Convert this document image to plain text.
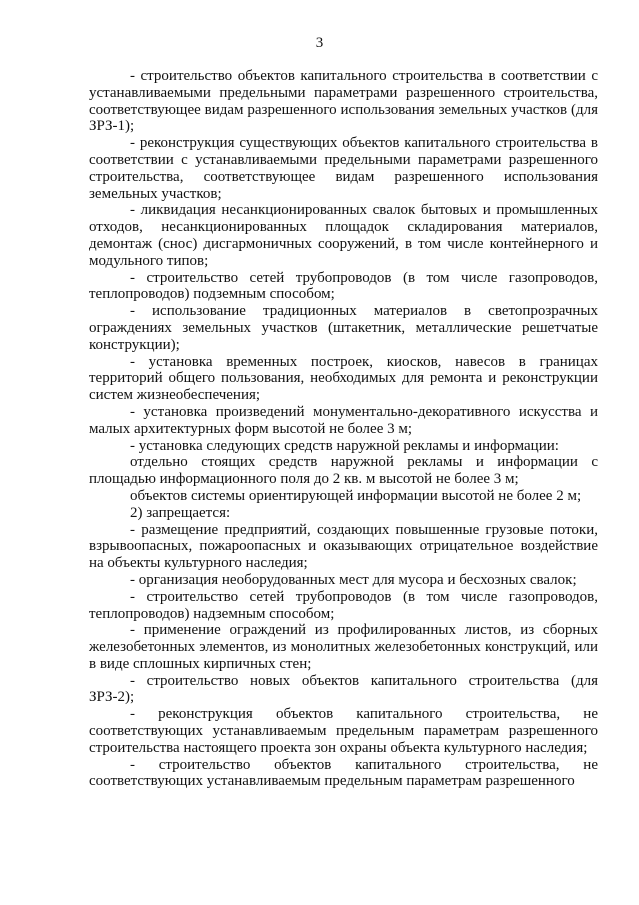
3

- строительство объектов капитального строительства в соответствии с устанавливаемыми предельными параметрами разрешенного строительства, соответствующее видам разрешенного использования земельных участков (для ЗРЗ-1);

- реконструкция существующих объектов капитального строительства в соответствии с устанавливаемыми предельными параметрами разрешенного строительства, соответствующее видам разрешенного использования земельных участков;

- ликвидация несанкционированных свалок бытовых и промышленных отходов, несанкционированных площадок складирования материалов, демонтаж (снос) дисгармоничных сооружений, в том числе контейнерного и модульного типов;

- строительство сетей трубопроводов (в том числе газопроводов, теплопроводов) подземным способом;

- использование традиционных материалов в светопрозрачных ограждениях земельных участков (штакетник, металлические решетчатые конструкции);

- установка временных построек, киосков, навесов в границах территорий общего пользования, необходимых для ремонта и реконструкции систем жизнеобеспечения;

- установка произведений монументально-декоративного искусства и малых архитектурных форм высотой не более 3 м;

- установка следующих средств наружной рекламы и информации:

отдельно стоящих средств наружной рекламы и информации с площадью информационного поля до 2 кв. м высотой не более 3 м;

объектов системы ориентирующей информации высотой не более 2 м;

2) запрещается:

- размещение предприятий, создающих повышенные грузовые потоки, взрывоопасных, пожароопасных и оказывающих отрицательное воздействие на объекты культурного наследия;

- организация необорудованных мест для мусора и бесхозных свалок;

- строительство сетей трубопроводов (в том числе газопроводов, теплопроводов) надземным способом;

- применение ограждений из профилированных листов, из сборных железобетонных элементов, из монолитных железобетонных конструкций, или в виде сплошных кирпичных стен;

- строительство новых объектов капитального строительства (для ЗРЗ-2);

- реконструкция объектов капитального строительства, не соответствующих устанавливаемым предельным параметрам разрешенного строительства настоящего проекта зон охраны объекта культурного наследия;

- строительство объектов капитального строительства, не соответствующих устанавливаемым предельным параметрам разрешенного
